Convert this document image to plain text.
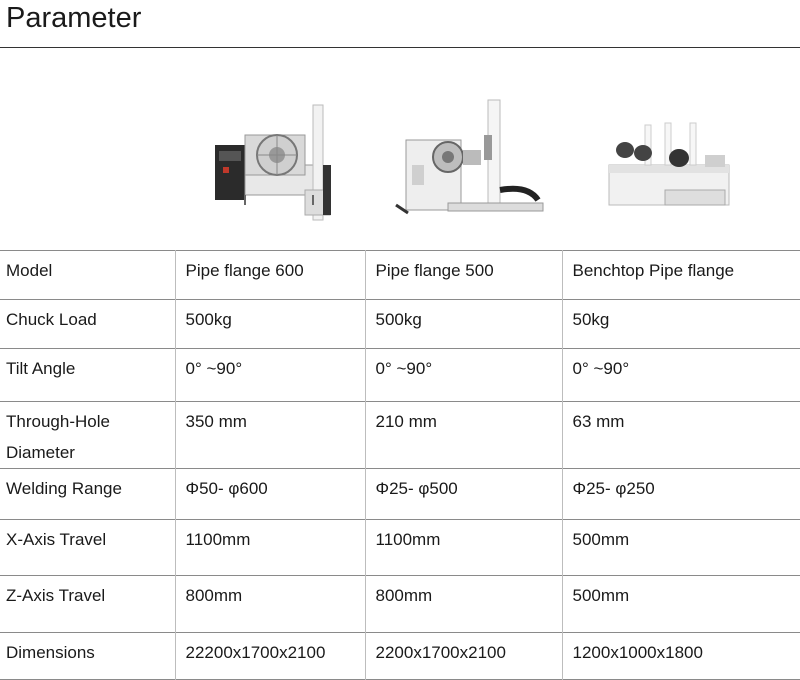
Parameter
Model	Pipe flange 600	Pipe flange 500	Benchtop Pipe flange
Chuck Load	500kg	500kg	50kg
Tilt Angle	0° ~90°	0° ~90°	0° ~90°
Through-Hole Diameter	350 mm	210 mm	63 mm
Welding Range	Φ50- φ600	Φ25- φ500	Φ25- φ250
X-Axis Travel	1100mm	1100mm	500mm
Z-Axis Travel	800mm	800mm	500mm
Dimensions	22200x1700x2100	2200x1700x2100	1200x1000x1800
